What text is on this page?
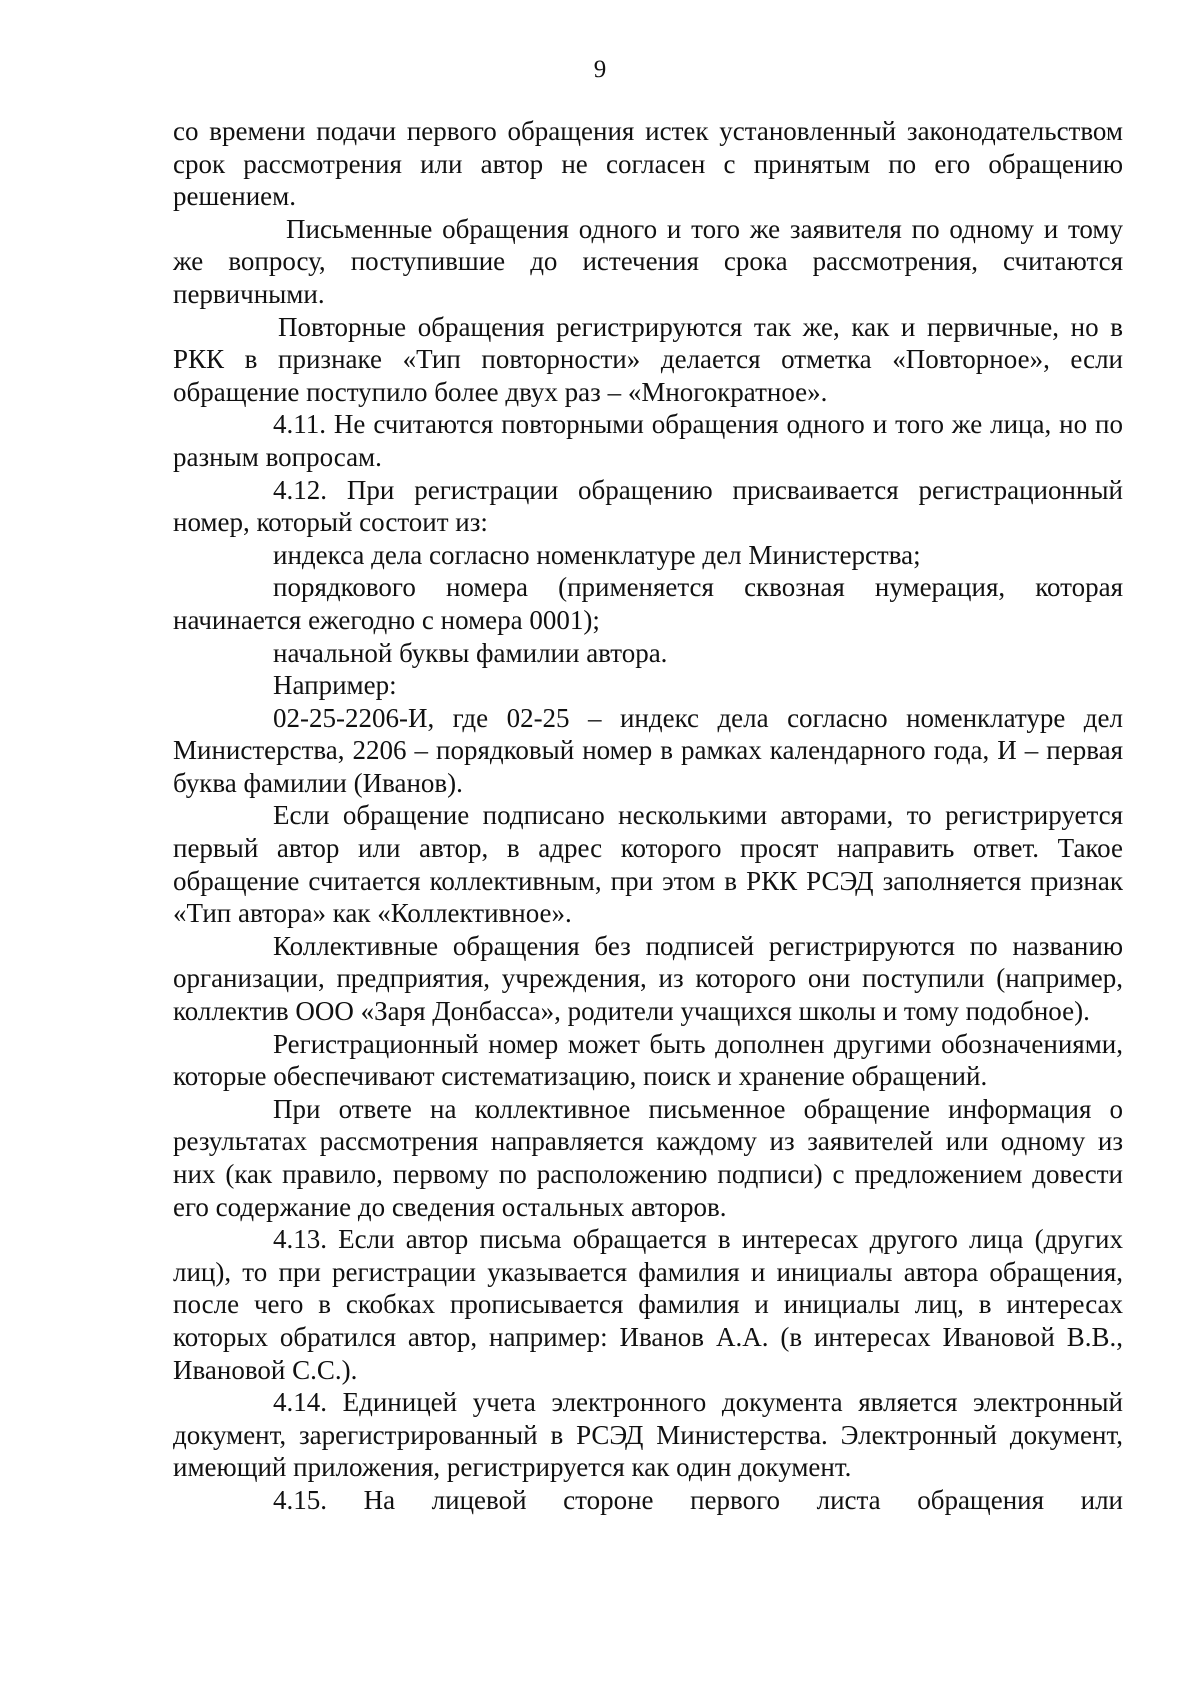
9

со времени подачи первого обращения истек установленный законодательством срок рассмотрения или автор не согласен с принятым по его обращению решением.

Письменные обращения одного и того же заявителя по одному и тому же вопросу, поступившие до истечения срока рассмотрения, считаются первичными.

Повторные обращения регистрируются так же, как и первичные, но в РКК в признаке «Тип повторности» делается отметка «Повторное», если обращение поступило более двух раз – «Многократное».

4.11. Не считаются повторными обращения одного и того же лица, но по разным вопросам.

4.12. При регистрации обращению присваивается регистрационный номер, который состоит из:

индекса дела согласно номенклатуре дел Министерства;

порядкового номера (применяется сквозная нумерация, которая начинается ежегодно с номера 0001);

начальной буквы фамилии автора.

Например:

02-25-2206-И, где 02-25 – индекс дела согласно номенклатуре дел Министерства, 2206 – порядковый номер в рамках календарного года, И – первая буква фамилии (Иванов).

Если обращение подписано несколькими авторами, то регистрируется первый автор или автор, в адрес которого просят направить ответ. Такое обращение считается коллективным, при этом в РКК РСЭД заполняется признак «Тип автора» как «Коллективное».

Коллективные обращения без подписей регистрируются по названию организации, предприятия, учреждения, из которого они поступили (например, коллектив ООО «Заря Донбасса», родители учащихся школы и тому подобное).

Регистрационный номер может быть дополнен другими обозначениями, которые обеспечивают систематизацию, поиск и хранение обращений.

При ответе на коллективное письменное обращение информация о результатах рассмотрения направляется каждому из заявителей или одному из них (как правило, первому по расположению подписи) с предложением довести его содержание до сведения остальных авторов.

4.13. Если автор письма обращается в интересах другого лица (других лиц), то при регистрации указывается фамилия и инициалы автора обращения, после чего в скобках прописывается фамилия и инициалы лиц, в интересах которых обратился автор, например: Иванов А.А. (в интересах Ивановой В.В., Ивановой С.С.).

4.14. Единицей учета электронного документа является электронный документ, зарегистрированный в РСЭД Министерства. Электронный документ, имеющий приложения, регистрируется как один документ.

4.15. На лицевой стороне первого листа обращения или
